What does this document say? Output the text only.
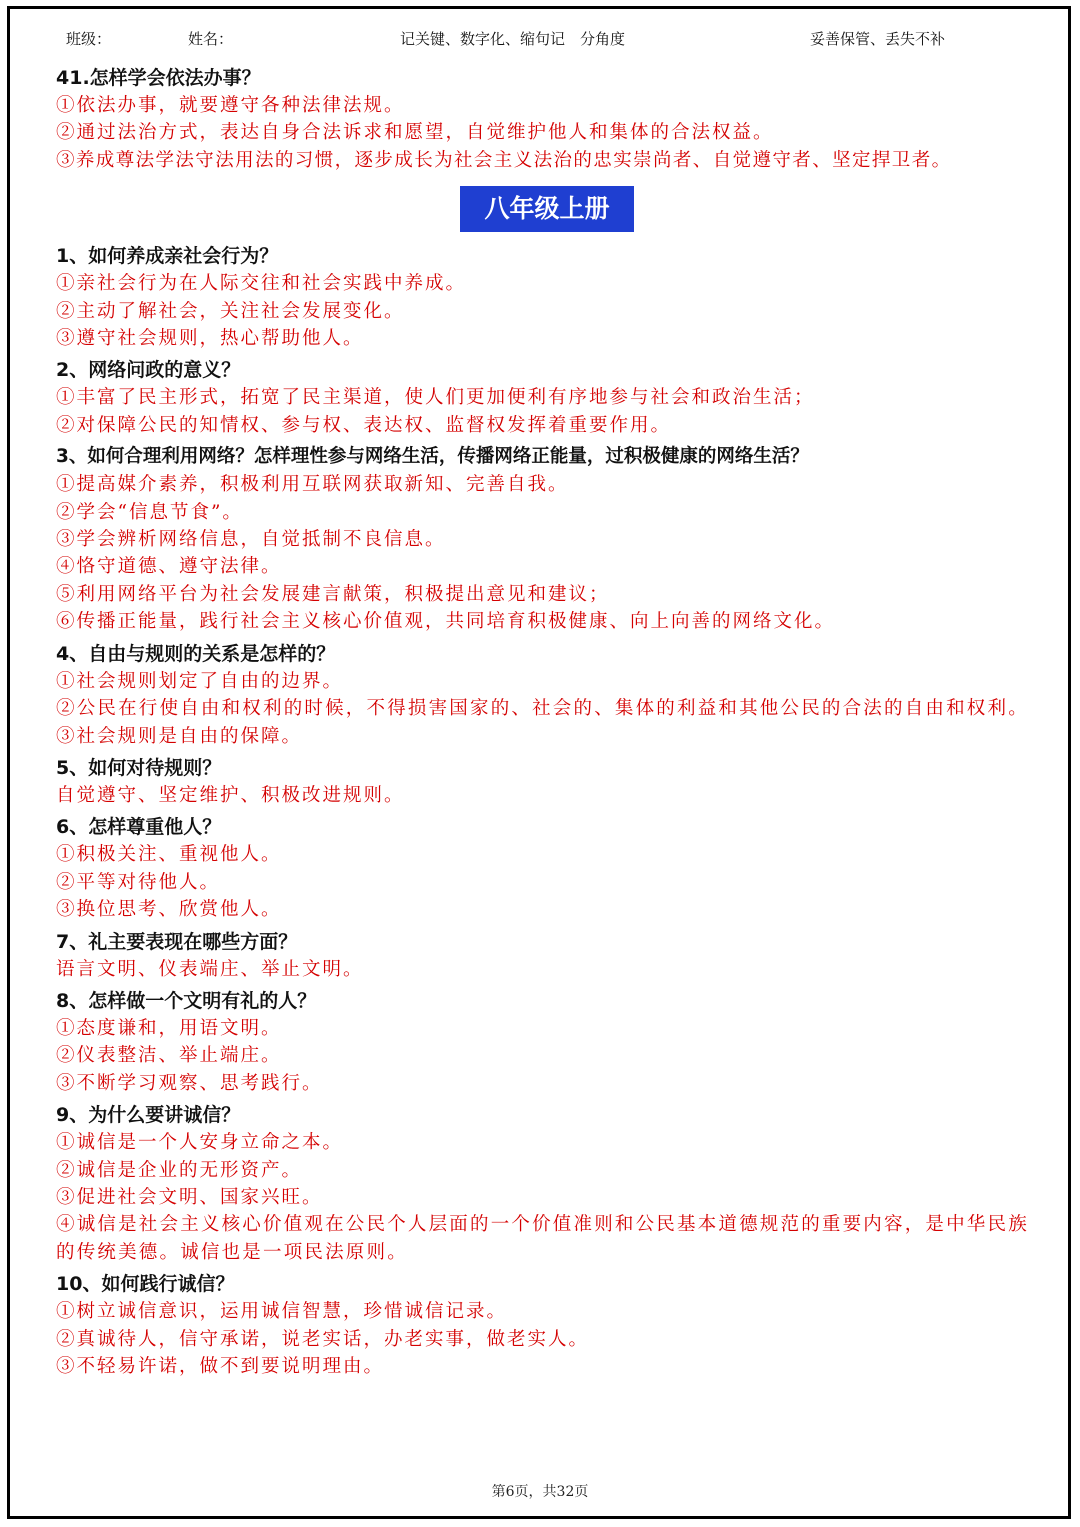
班级：	姓名：	记关键、数字化、缩句记　分角度	妥善保管、丢失不补
41.怎样学会依法办事？
①依法办事，就要遵守各种法律法规。
②通过法治方式，表达自身合法诉求和愿望，自觉维护他人和集体的合法权益。
③养成尊法学法守法用法的习惯，逐步成长为社会主义法治的忠实崇尚者、自觉遵守者、坚定捍卫者。
八年级上册
1、如何养成亲社会行为？
①亲社会行为在人际交往和社会实践中养成。
②主动了解社会，关注社会发展变化。
③遵守社会规则，热心帮助他人。
2、网络问政的意义？
①丰富了民主形式，拓宽了民主渠道，使人们更加便利有序地参与社会和政治生活；
②对保障公民的知情权、参与权、表达权、监督权发挥着重要作用。
3、如何合理利用网络？怎样理性参与网络生活，传播网络正能量，过积极健康的网络生活？
①提高媒介素养，积极利用互联网获取新知、完善自我。
②学会“信息节食”。
③学会辨析网络信息，自觉抵制不良信息。
④恪守道德、遵守法律。
⑤利用网络平台为社会发展建言献策，积极提出意见和建议；
⑥传播正能量，践行社会主义核心价值观，共同培育积极健康、向上向善的网络文化。
4、自由与规则的关系是怎样的？
①社会规则划定了自由的边界。
②公民在行使自由和权利的时候，不得损害国家的、社会的、集体的利益和其他公民的合法的自由和权利。
③社会规则是自由的保障。
5、如何对待规则？
自觉遵守、坚定维护、积极改进规则。
6、怎样尊重他人？
①积极关注、重视他人。
②平等对待他人。
③换位思考、欣赏他人。
7、礼主要表现在哪些方面？
语言文明、仪表端庄、举止文明。
8、怎样做一个文明有礼的人？
①态度谦和，用语文明。
②仪表整洁、举止端庄。
③不断学习观察、思考践行。
9、为什么要讲诚信？
①诚信是一个人安身立命之本。
②诚信是企业的无形资产。
③促进社会文明、国家兴旺。
④诚信是社会主义核心价值观在公民个人层面的一个价值准则和公民基本道德规范的重要内容，是中华民族的传统美德。诚信也是一项民法原则。
10、如何践行诚信？
①树立诚信意识，运用诚信智慧，珍惜诚信记录。
②真诚待人，信守承诺，说老实话，办老实事，做老实人。
③不轻易许诺，做不到要说明理由。
第6页，共32页
